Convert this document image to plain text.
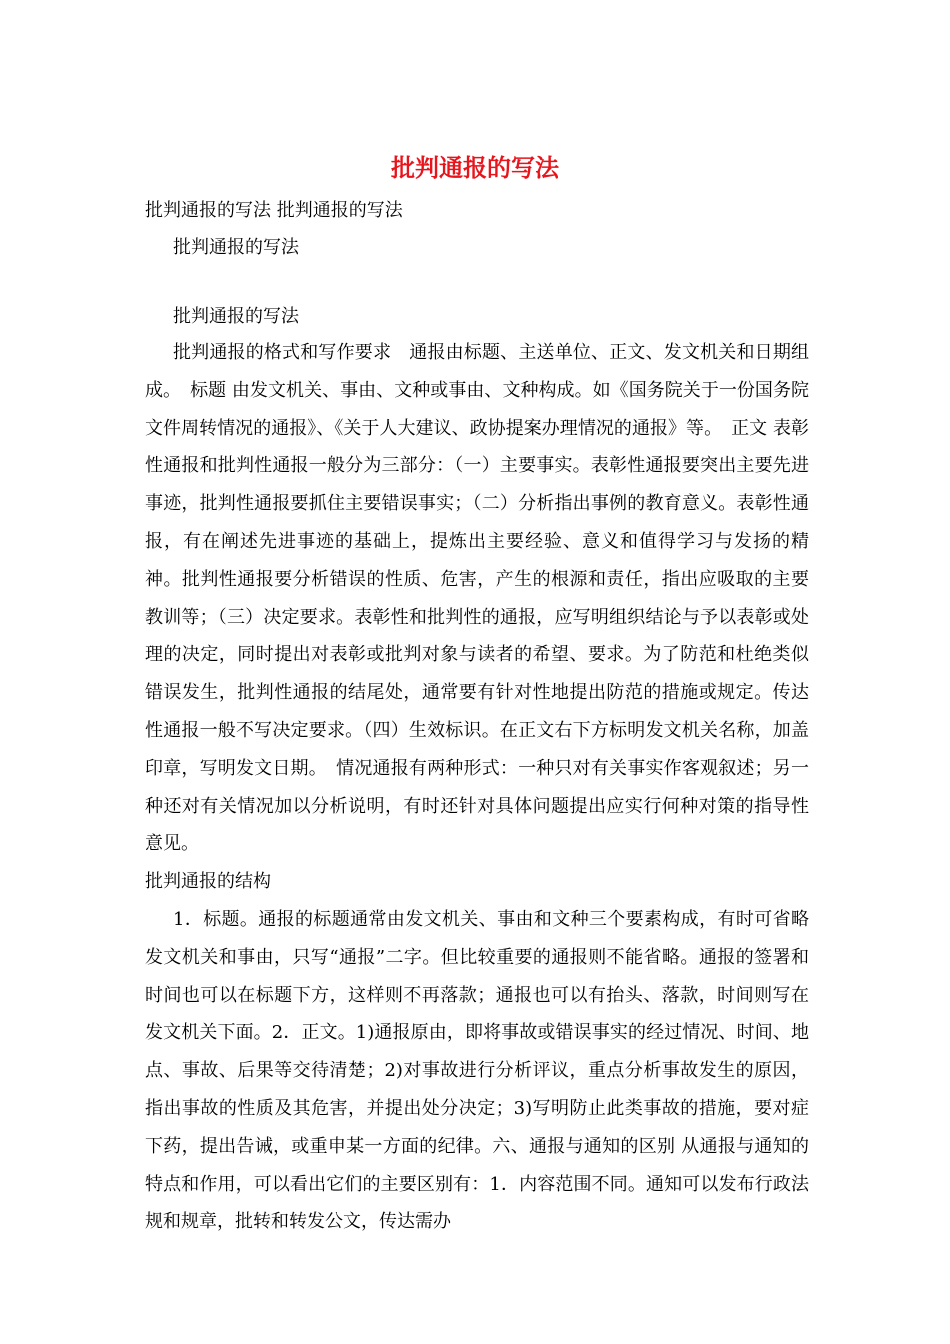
批判通报的写法
批判通报的写法 批判通报的写法
批判通报的写法
批判通报的写法

批判通报的格式和写作要求　通报由标题、主送单位、正文、发文机关和日期组成。　标题 由发文机关、事由、文种或事由、文种构成。如《国务院关于一份国务院文件周转情况的通报》、《关于人大建议、政协提案办理情况的通报》等。　正文 表彰性通报和批判性通报一般分为三部分：（一）主要事实。表彰性通报要突出主要先进事迹，批判性通报要抓住主要错误事实；（二）分析指出事例的教育意义。表彰性通报，有在阐述先进事迹的基础上，提炼出主要经验、意义和值得学习与发扬的精神。批判性通报要分析错误的性质、危害，产生的根源和责任，指出应吸取的主要教训等；（三）决定要求。表彰性和批判性的通报，应写明组织结论与予以表彰或处理的决定，同时提出对表彰或批判对象与读者的希望、要求。为了防范和杜绝类似错误发生，批判性通报的结尾处，通常要有针对性地提出防范的措施或规定。传达性通报一般不写决定要求。（四）生效标识。在正文右下方标明发文机关名称，加盖印章，写明发文日期。　情况通报有两种形式：一种只对有关事实作客观叙述；另一种还对有关情况加以分析说明，有时还针对具体问题提出应实行何种对策的指导性意见。

批判通报的结构

1．标题。通报的标题通常由发文机关、事由和文种三个要素构成，有时可省略发文机关和事由，只写“通报”二字。但比较重要的通报则不能省略。通报的签署和时间也可以在标题下方，这样则不再落款；通报也可以有抬头、落款，时间则写在发文机关下面。2．正文。1)通报原由，即将事故或错误事实的经过情况、时间、地点、事故、后果等交待清楚；2)对事故进行分析评议，重点分析事故发生的原因，指出事故的性质及其危害，并提出处分决定；3)写明防止此类事故的措施，要对症下药，提出告诫，或重申某一方面的纪律。六、通报与通知的区别 从通报与通知的特点和作用，可以看出它们的主要区别有：1．内容范围不同。通知可以发布行政法规和规章，批转和转发公文，传达需办
